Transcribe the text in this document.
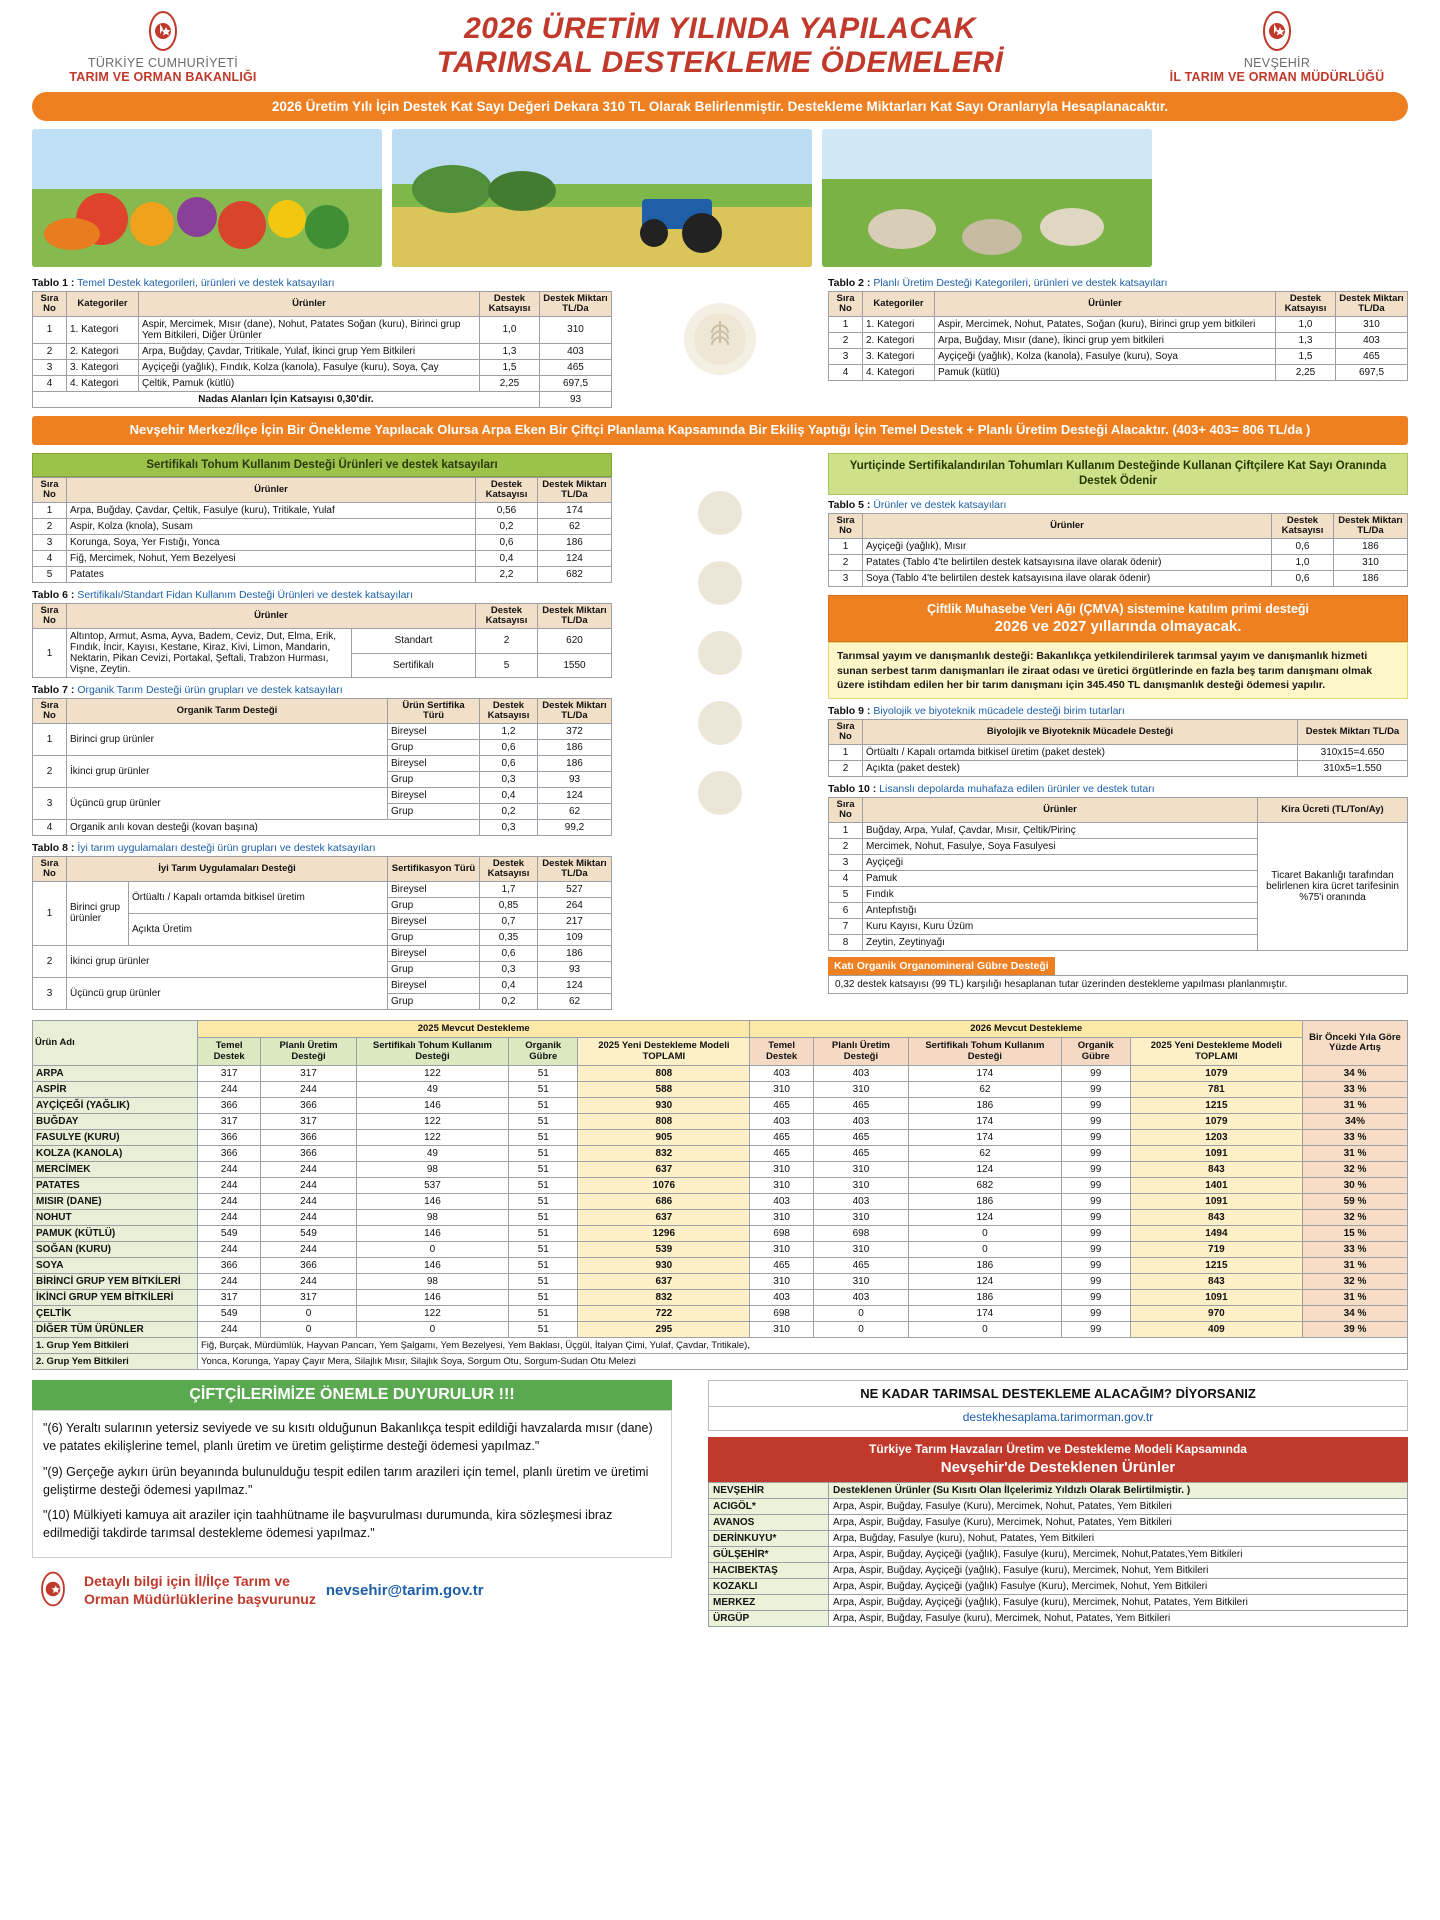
TÜRKİYE CUMHURİYETİ
TARIM VE ORMAN BAKANLIĞI
2026 ÜRETİM YILINDA YAPILACAK
TARIMSAL DESTEKLEME ÖDEMELERİ	NEVŞEHİR
İL TARIM VE ORMAN MÜDÜRLÜĞÜ
2026 Üretim Yılı İçin Destek Kat Sayı Değeri Dekara 310 TL Olarak Belirlenmiştir. Destekleme Miktarları Kat Sayı Oranlarıyla Hesaplanacaktır.
Tablo 1 : Temel Destek kategorileri, ürünleri ve destek katsayıları
Sıra No	Kategoriler	Ürünler	Destek Katsayısı	Destek Miktarı TL/Da
1	1. Kategori	Aspir, Mercimek, Mısır (dane), Nohut, Patates Soğan (kuru), Birinci grup Yem Bitkileri, Diğer Ürünler	1,0	310
2	2. Kategori	Arpa, Buğday, Çavdar, Tritikale, Yulaf, İkinci grup Yem Bitkileri	1,3	403
3	3. Kategori	Ayçiçeği (yağlık), Fındık, Kolza (kanola), Fasulye (kuru), Soya, Çay	1,5	465
4	4. Kategori	Çeltik, Pamuk (kütlü)	2,25	697,5
Nadas Alanları İçin Katsayısı 0,30'dir.				93
Tablo 2 : Planlı Üretim Desteği Kategorileri, ürünleri ve destek katsayıları
Sıra No	Kategoriler	Ürünler	Destek Katsayısı	Destek Miktarı TL/Da
1	1. Kategori	Aspir, Mercimek, Nohut, Patates, Soğan (kuru), Birinci grup yem bitkileri	1,0	310
2	2. Kategori	Arpa, Buğday, Mısır (dane), İkinci grup yem bitkileri	1,3	403
3	3. Kategori	Ayçiçeği (yağlık), Kolza (kanola), Fasulye (kuru), Soya	1,5	465
4	4. Kategori	Pamuk (kütlü)	2,25	697,5
Nevşehir Merkez/İlçe İçin Bir Önekleme Yapılacak Olursa Arpa Eken Bir Çiftçi Planlama Kapsamında Bir Ekiliş Yaptığı İçin Temel Destek + Planlı Üretim Desteği Alacaktır. (403+ 403= 806 TL/da )
Sertifikalı Tohum Kullanım Desteği Ürünleri ve destek katsayıları
Sıra No	Ürünler	Destek Katsayısı	Destek Miktarı TL/Da
1	Arpa, Buğday, Çavdar, Çeltik, Fasulye (kuru), Tritikale, Yulaf	0,56	174
2	Aspir, Kolza (knola), Susam	0,2	62
3	Korunga, Soya, Yer Fıstığı, Yonca	0,6	186
4	Fiğ, Mercimek, Nohut, Yem Bezelyesi	0,4	124
5	Patates	2,2	682
Tablo 6 : Sertifikalı/Standart Fidan Kullanım Desteği Ürünleri ve destek katsayıları
Sıra No	Ürünler		Destek Katsayısı	Destek Miktarı TL/Da
1	Altıntop, Armut, Asma, Ayva, Badem, Ceviz, Dut, Elma, Erik, Fındık, İncir, Kayısı, Kestane, Kiraz, Kivi, Limon, Mandarin, Nektarin, Pikan Cevizi, Portakal, Şeftali, Trabzon Hurması, Vişne, Zeytin.	Standart	2	620
		Sertifikalı	5	1550
Tablo 7 : Organik Tarım Desteği ürün grupları ve destek katsayıları
Sıra No	Organik Tarım Desteği	Ürün Sertifika Türü	Destek Katsayısı	Destek Miktarı TL/Da
1	Birinci grup ürünler	Bireysel	1,2	372
		Grup	0,6	186
2	İkinci grup ürünler	Bireysel	0,6	186
		Grup	0,3	93
3	Üçüncü grup ürünler	Bireysel	0,4	124
		Grup	0,2	62
4	Organik arılı kovan desteği (kovan başına)		0,3	99,2
Tablo 8 : İyi tarım uygulamaları desteği ürün grupları ve destek katsayıları
Sıra No	İyi Tarım Uygulamaları Desteği		Sertifikasyon Türü	Destek Katsayısı	Destek Miktarı TL/Da
1	Birinci grup ürünler	Örtüaltı / Kapalı ortamda bitkisel üretim	Bireysel	1,7	527
			Grup	0,85	264
		Açıkta Üretim	Bireysel	0,7	217
			Grup	0,35	109
2	İkinci grup ürünler		Bireysel	0,6	186
			Grup	0,3	93
3	Üçüncü grup ürünler		Bireysel	0,4	124
			Grup	0,2	62
Yurtiçinde Sertifikalandırılan Tohumları Kullanım Desteğinde Kullanan Çiftçilere Kat Sayı Oranında Destek Ödenir
Tablo 5 : Ürünler ve destek katsayıları
Sıra No	Ürünler	Destek Katsayısı	Destek Miktarı TL/Da
1	Ayçiçeği (yağlık), Mısır	0,6	186
2	Patates (Tablo 4'te belirtilen destek katsayısına ilave olarak ödenir)	1,0	310
3	Soya (Tablo 4'te belirtilen destek katsayısına ilave olarak ödenir)	0,6	186
Çiftlik Muhasebe Veri Ağı (ÇMVA) sistemine katılım primi desteği
2026 ve 2027 yıllarında olmayacak.
Tarımsal yayım ve danışmanlık desteği: Bakanlıkça yetkilendirilerek tarımsal yayım ve danışmanlık hizmeti sunan serbest tarım danışmanları ile ziraat odası ve üretici örgütlerinde en fazla beş tarım danışmanı olmak üzere istihdam edilen her bir tarım danışmanı için 345.450 TL danışmanlık desteği ödemesi yapılır.
Tablo 9 : Biyolojik ve biyoteknik mücadele desteği birim tutarları
Sıra No	Biyolojik ve Biyoteknik Mücadele Desteği	Destek Miktarı TL/Da
1	Örtüaltı / Kapalı ortamda bitkisel üretim (paket destek)	310x15=4.650
2	Açıkta (paket destek)	310x5=1.550
Tablo 10 : Lisanslı depolarda muhafaza edilen ürünler ve destek tutarı
Sıra No	Ürünler	Kira Ücreti (TL/Ton/Ay)
1	Buğday, Arpa, Yulaf, Çavdar, Mısır, Çeltik/Pirinç	Ticaret Bakanlığı tarafından belirlenen kira ücret tarifesinin %75'i oranında
2	Mercimek, Nohut, Fasulye, Soya Fasulyesi	
3	Ayçiçeği	
4	Pamuk	
5	Fındık	
6	Antepfıstığı	
7	Kuru Kayısı, Kuru Üzüm	
8	Zeytin, Zeytinyağı	
Katı Organik Organomineral Gübre Desteği
0,32 destek katsayısı (99 TL) karşılığı hesaplanan tutar üzerinden destekleme yapılması planlanmıştır.
Ürün Adı	2025 Mevcut Destekleme					2026 Mevcut Destekleme					Bir Önceki Yıla Göre Yüzde Artış
	Temel Destek	Planlı Üretim Desteği	Sertifikalı Tohum Kullanım Desteği	Organik Gübre	2025 Yeni Destekleme Modeli TOPLAMI	Temel Destek	Planlı Üretim Desteği	Sertifikalı Tohum Kullanım Desteği	Organik Gübre	2025 Yeni Destekleme Modeli TOPLAMI	
ARPA	317	317	122	51	808	403	403	174	99	1079	34 %
ASPİR	244	244	49	51	588	310	310	62	99	781	33 %
AYÇİÇEĞİ (YAĞLIK)	366	366	146	51	930	465	465	186	99	1215	31 %
BUĞDAY	317	317	122	51	808	403	403	174	99	1079	34%
FASULYE (KURU)	366	366	122	51	905	465	465	174	99	1203	33 %
KOLZA (KANOLA)	366	366	49	51	832	465	465	62	99	1091	31 %
MERCİMEK	244	244	98	51	637	310	310	124	99	843	32 %
PATATES	244	244	537	51	1076	310	310	682	99	1401	30 %
MISIR (DANE)	244	244	146	51	686	403	403	186	99	1091	59 %
NOHUT	244	244	98	51	637	310	310	124	99	843	32 %
PAMUK (KÜTLÜ)	549	549	146	51	1296	698	698	0	99	1494	15 %
SOĞAN (KURU)	244	244	0	51	539	310	310	0	99	719	33 %
SOYA	366	366	146	51	930	465	465	186	99	1215	31 %
BİRİNCİ GRUP YEM BİTKİLERİ	244	244	98	51	637	310	310	124	99	843	32 %
İKİNCİ GRUP YEM BİTKİLERİ	317	317	146	51	832	403	403	186	99	1091	31 %
ÇELTİK	549	0	122	51	722	698	0	174	99	970	34 %
DİĞER TÜM ÜRÜNLER	244	0	0	51	295	310	0	0	99	409	39 %
1. Grup Yem Bitkileri	Fiğ, Burçak, Mürdümlük, Hayvan Pancarı, Yem Şalgamı, Yem Bezelyesi, Yem Baklası, Üçgül, İtalyan Çimi, Yulaf, Çavdar, Tritikale),										
2. Grup Yem Bitkileri	Yonca, Korunga, Yapay Çayır Mera, Silajlık Mısır, Silajlık Soya, Sorgum Otu, Sorgum-Sudan Otu Melezi										
ÇİFTÇİLERİMİZE ÖNEMLE DUYURULUR !!!

"(6) Yeraltı sularının yetersiz seviyede ve su kısıtı olduğunun Bakanlıkça tespit edildiği havzalarda mısır (dane) ve patates ekilişlerine temel, planlı üretim ve üretim geliştirme desteği ödemesi yapılmaz."

"(9) Gerçeğe aykırı ürün beyanında bulunulduğu tespit edilen tarım arazileri için temel, planlı üretim ve üretimi geliştirme desteği ödemesi yapılmaz."

"(10) Mülkiyeti kamuya ait araziler için taahhütname ile başvurulması durumunda, kira sözleşmesi ibraz edilmediği takdirde tarımsal destekleme ödemesi yapılmaz."

Detaylı bilgi için İl/İlçe Tarım ve
Orman Müdürlüklerine başvurunuz nevsehir@tarim.gov.tr
NE KADAR TARIMSAL DESTEKLEME ALACAĞIM? DİYORSANIZ
destekhesaplama.tarimorman.gov.tr
Türkiye Tarım Havzaları Üretim ve Destekleme Modeli Kapsamında
Nevşehir'de Desteklenen Ürünler
NEVŞEHİR	Desteklenen Ürünler (Su Kısıtı Olan İlçelerimiz Yıldızlı Olarak Belirtilmiştir. )
ACIGÖL*	Arpa, Aspir, Buğday, Fasulye (Kuru), Mercimek, Nohut, Patates, Yem Bitkileri
AVANOS	Arpa, Aspir, Buğday, Fasulye (Kuru), Mercimek, Nohut, Patates, Yem Bitkileri
DERİNKUYU*	Arpa, Buğday, Fasulye (kuru), Nohut, Patates, Yem Bitkileri
GÜLŞEHİR*	Arpa, Aspir, Buğday, Ayçiçeği (yağlık), Fasulye (kuru), Mercimek, Nohut,Patates,Yem Bitkileri
HACIBEKTAŞ	Arpa, Aspir, Buğday, Ayçiçeği (yağlık), Fasulye (kuru), Mercimek, Nohut, Yem Bitkileri
KOZAKLI	Arpa, Aspir, Buğday, Ayçiçeği (yağlık) Fasulye (Kuru), Mercimek, Nohut, Yem Bitkileri
MERKEZ	Arpa, Aspir, Buğday, Ayçiçeği (yağlık), Fasulye (kuru), Mercimek, Nohut, Patates, Yem Bitkileri
ÜRGÜP	Arpa, Aspir, Buğday, Fasulye (kuru), Mercimek, Nohut, Patates, Yem Bitkileri
